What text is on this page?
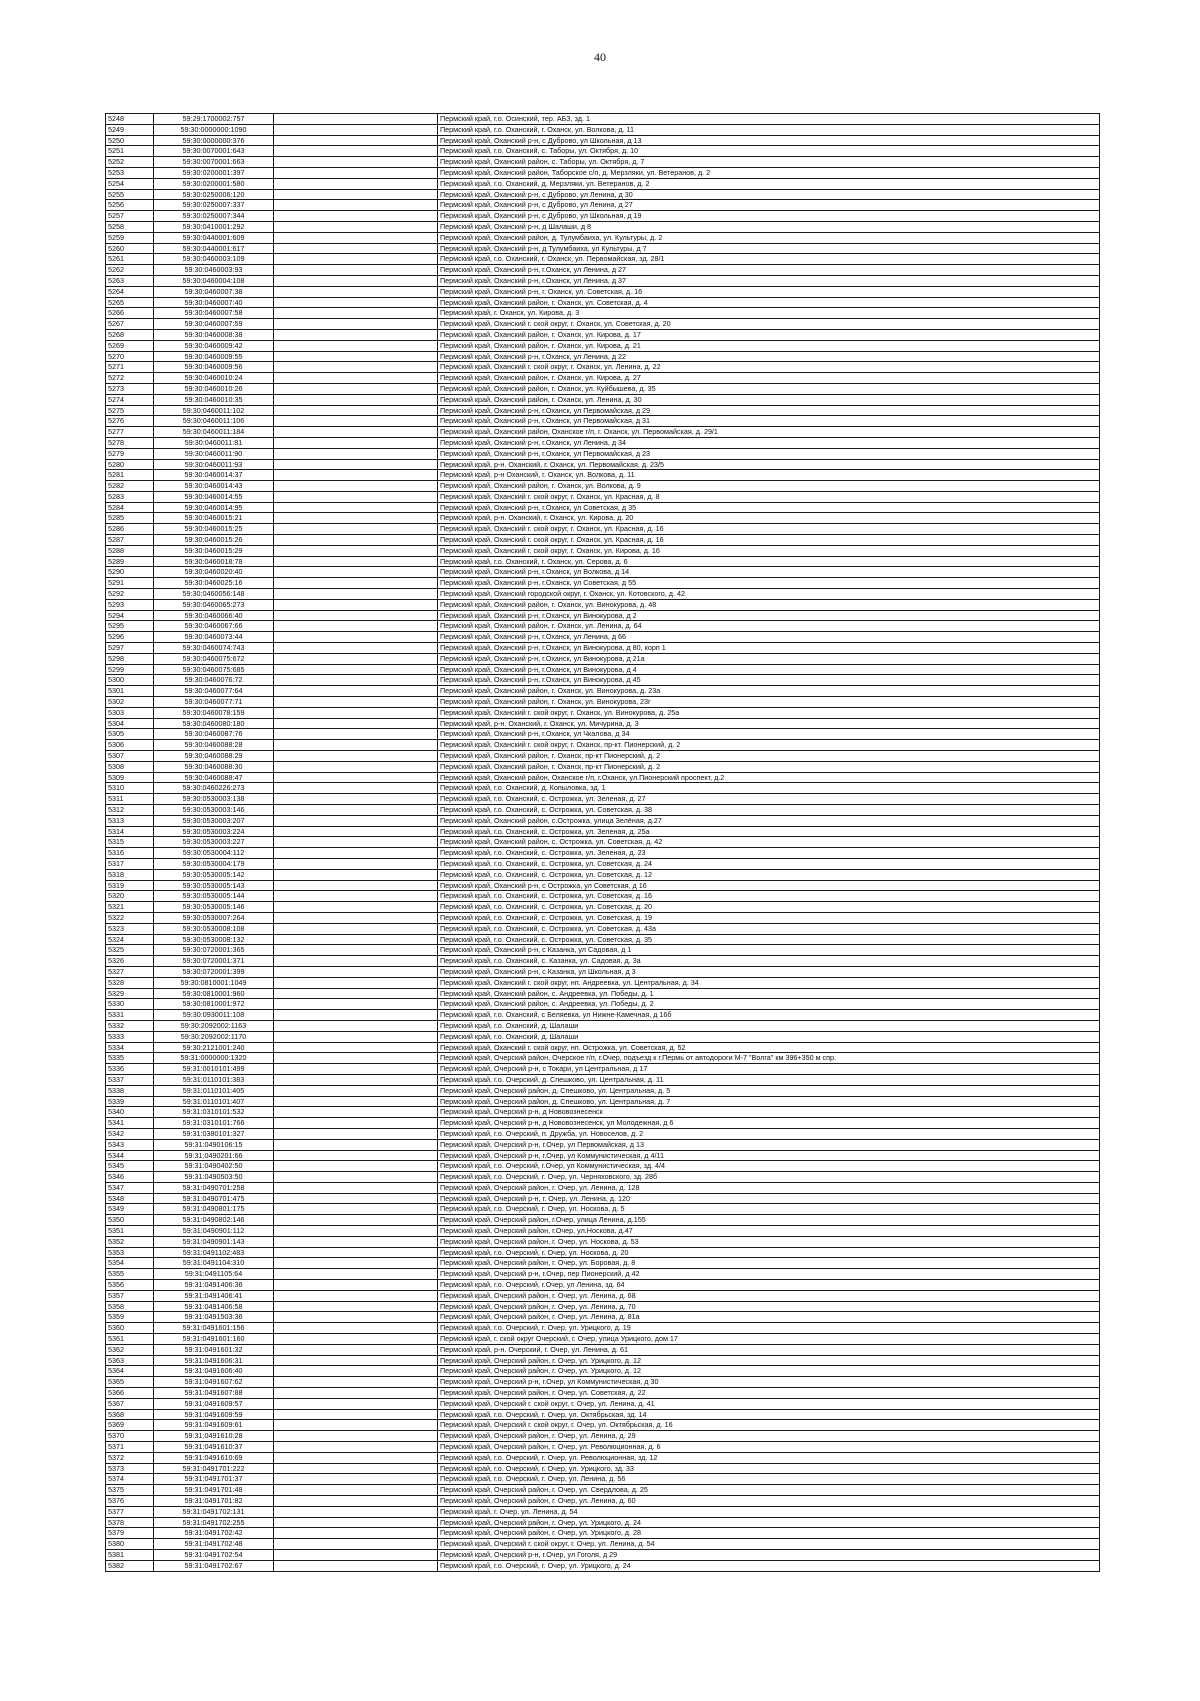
40
5248	59:29:1700002:757		Пермский край, г.о. Осинский, тер. АБЗ, зд. 1
5249	59:30:0000000:1090		Пермский край, г.о. Оханский, г. Оханск, ул. Волкова, д. 11
5250	59:30:0000000:376		Пермский край, Оханский р-н, с Дуброво, ул Школьная, д 13
5251	59:30:0070001:643		Пермский край, г.о. Оханский, с. Таборы, ул. Октября, д. 10
5252	59:30:0070001:663		Пермский край, Оханский район, с. Таборы, ул. Октября, д. 7
5253	59:30:0200001:397		Пермский край, Оханский район, Таборское с/п, д. Мерзляки, ул. Ветеранов, д. 2
5254	59:30:0200001:580		Пермский край, г.о. Оханский, д. Мерзляки, ул. Ветеранов, д. 2
5255	59:30:0250006:120		Пермский край, Оханский р-н, с Дуброво, ул Ленина, д 30
5256	59:30:0250007:337		Пермский край, Оханский р-н, с Дуброво, ул Ленина, д 27
5257	59:30:0250007:344		Пермский край, Оханский р-н, с Дуброво, ул Школьная, д 19
5258	59:30:0410001:292		Пермский край, Оханский р-н, д Шалаши, д 8
5259	59:30:0440001:609		Пермский край, Оханский район, д. Тулумбаиха, ул. Культуры, д. 2
5260	59:30:0440001:617		Пермский край, Оханский р-н, д Тулумбаиха, ул Культуры, д 7
5261	59:30:0460003:109		Пермский край, г.о. Оханский, г. Оханск, ул. Первомайская, зд. 28/1
5262	59:30:0460003:93		Пермский край, Оханский р-н, г.Оханск, ул Ленина, д 27
5263	59:30:0460004:108		Пермский край, Оханский р-н, г.Оханск, ул Ленина, д 37
5264	59:30:0460007:38		Пермский край, Оханский р-н, г. Оханск, ул. Советская, д. 16
5265	59:30:0460007:40		Пермский край, Оханский район, г. Оханск, ул. Советская, д. 4
5266	59:30:0460007:58		Пермский край, г. Оханск, ул. Кирова, д. 3
5267	59:30:0460007:59		Пермский край, Оханский г. ской округ, г. Оханск, ул. Советская, д. 20
5268	59:30:0460008:38		Пермский край, Оханский район, г. Оханск, ул. Кирова, д. 17
5269	59:30:0460009:42		Пермский край, Оханский район, г. Оханск, ул. Кирова, д. 21
5270	59:30:0460009:55		Пермский край, Оханский р-н, г.Оханск, ул Ленина, д 22
5271	59:30:0460009:56		Пермский край, Оханский г. ской округ, г. Оханск, ул. Ленина, д. 22
5272	59:30:0460010:24		Пермский край, Оханский район, г. Оханск, ул. Кирова, д. 27
5273	59:30:0460010:26		Пермский край, Оханский район, г. Оханск, ул. Куйбышева, д. 35
5274	59:30:0460010:35		Пермский край, Оханский район, г. Оханск, ул. Ленина, д. 30
5275	59:30:0460011:102		Пермский край, Оханский р-н, г.Оханск, ул Первомайская, д 29
5276	59:30:0460011:106		Пермский край, Оханский р-н, г.Оханск, ул Первомайская, д 31
5277	59:30:0460011:184		Пермский край, Оханский район, Оханское г/п, г. Оханск, ул. Первомайская, д. 29/1
5278	59:30:0460011:81		Пермский край, Оханский р-н, г.Оханск, ул Ленина, д 34
5279	59:30:0460011:90		Пермский край, Оханский р-н, г.Оханск, ул Первомайская, д 23
5280	59:30:0460011:93		Пермский край, р-н. Оханский, г. Оханск, ул. Первомайская, д. 23/5
5281	59:30:0460014:37		Пермский край, р-н Оханский, г. Оханск, ул. Волкова, д. 11
5282	59:30:0460014:43		Пермский край, Оханский район, г. Оханск, ул. Волкова, д. 9
5283	59:30:0460014:55		Пермский край, Оханский г. ской округ, г. Оханск, ул. Красная, д. 8
5284	59:30:0460014:95		Пермский край, Оханский р-н, г.Оханск, ул Советская, д 35
5285	59:30:0460015:21		Пермский край, р-н. Оханский, г. Оханск, ул. Кирова, д. 20
5286	59:30:0460015:25		Пермский край, Оханский г. ской округ, г. Оханск, ул. Красная, д. 16
5287	59:30:0460015:26		Пермский край, Оханский г. ской округ, г. Оханск, ул. Красная, д. 16
5288	59:30:0460015:29		Пермский край, Оханский г. ской округ, г. Оханск, ул. Кирова, д. 16
5289	59:30:0460018:78		Пермский край, г.о. Оханский, г. Оханск, ул. Серова, д. 6
5290	59:30:0460020:40		Пермский край, Оханский р-н, г.Оханск, ул Волкова, д 14
5291	59:30:0460025:16		Пермский край, Оханский р-н, г.Оханск, ул Советская, д 55
5292	59:30:0460056:148		Пермский край, Оханский городской округ, г. Оханск, ул. Котовского, д. 42
5293	59:30:0460065:273		Пермский край, Оханский район, г. Оханск, ул. Винокурова, д. 48
5294	59:30:0460066:40		Пермский край, Оханский р-н, г.Оханск, ул Винокурова, д 2
5295	59:30:0460067:66		Пермский край, Оханский район, г. Оханск, ул. Ленина, д. 64
5296	59:30:0460073:44		Пермский край, Оханский р-н, г.Оханск, ул Ленина, д 66
5297	59:30:0460074:743		Пермский край, Оханский р-н, г.Оханск, ул Винокурова, д 80, корп 1
5298	59:30:0460075:672		Пермский край, Оханский р-н, г.Оханск, ул Винокурова, д 21а
5299	59:30:0460075:685		Пермский край, Оханский р-н, г.Оханск, ул Винокурова, д 4
5300	59:30:0460076:72		Пермский край, Оханский р-н, г.Оханск, ул Винокурова, д 45
5301	59:30:0460077:64		Пермский край, Оханский район, г. Оханск, ул. Винокурова, д. 23а
5302	59:30:0460077:71		Пермский край, Оханский район, г. Оханск, ул. Винокурова, 23г
5303	59:30:0460078:159		Пермский край, Оханский г. ской округ, г. Оханск, ул. Винокурова, д. 25а
5304	59:30:0460080:180		Пермский край, р-н. Оханский, г. Оханск, ул. Мичурина, д. 3
5305	59:30:0460087:76		Пермский край, Оханский р-н, г.Оханск, ул Чкалова, д 34
5306	59:30:0460088:28		Пермский край, Оханский г. ской округ, г. Оханск, пр-кт. Пионерский, д. 2
5307	59:30:0460088:29		Пермский край, Оханский район, г. Оханск, пр-кт Пионерский, д. 2
5308	59:30:0460088:30		Пермский край, Оханский район, г. Оханск, пр-кт Пионерский, д. 2
5309	59:30:0460088:47		Пермский край, Оханский район, Оханское г/п, г.Оханск, ул.Пионерский проспект, д.2
5310	59:30:0460226:273		Пермский край, г.о. Оханский, д. Копыловка, зд. 1
5311	59:30:0530003:138		Пермский край, г.о. Оханский, с. Острожка, ул. Зеленая, д. 27
5312	59:30:0530003:146		Пермский край, г.о. Оханский, с. Острожка, ул. Советская, д. 38
5313	59:30:0530003:207		Пермский край, Оханский район, с.Острожка, улица Зелёная, д.27
5314	59:30:0530003:224		Пермский край, г.о. Оханский, с. Острожка, ул. Зеленая, д. 25а
5315	59:30:0530003:227		Пермский край, Оханский район, с. Острожка, ул. Советская, д. 42
5316	59:30:0530004:112		Пермский край, г.о. Оханский, с. Острожка, ул. Зеленая, д. 23
5317	59:30:0530004:179		Пермский край, г.о. Оханский, с. Острожка, ул. Советская, д. 24
5318	59:30:0530005:142		Пермский край, г.о. Оханский, с. Острожка, ул. Советская, д. 12
5319	59:30:0530005:143		Пермский край, Оханский р-н, с Острожка, ул Советская, д 16
5320	59:30:0530005:144		Пермский край, г.о. Оханский, с. Острожка, ул. Советская, д. 16
5321	59:30:0530005:146		Пермский край, г.о. Оханский, с. Острожка, ул. Советская, д. 20
5322	59:30:0530007:264		Пермский край, г.о. Оханский, с. Острожка, ул. Советская, д. 19
5323	59:30:0530008:108		Пермский край, г.о. Оханский, с. Острожка, ул. Советская, д. 43а
5324	59:30:0530008:132		Пермский край, г.о. Оханский, с. Острожка, ул. Советская, д. 35
5325	59:30:0720001:365		Пермский край, Оханский р-н, с Казанка, ул Садовая, д 1
5326	59:30:0720001:371		Пермский край, г.о. Оханский, с. Казанка, ул. Садовая, д. 3а
5327	59:30:0720001:399		Пермский край, Оханский р-н, с Казанка, ул Школьная, д 3
5328	59:30:0810001:1049		Пермский край, Оханский г. ской округ, нп. Андреевка, ул. Центральная, д. 34
5329	59:30:0810001:960		Пермский край, Оханский район, с. Андреевка, ул. Победы, д. 1
5330	59:30:0810001:972		Пермский край, Оханский район, с. Андреевка, ул. Победы, д. 2
5331	59:30:0930011:108		Пермский край, г.о. Оханский, с Беляевка, ул Нижне-Камечная, д 16б
5332	59:30:2092002:1163		Пермский край, г.о. Оханский, д. Шалаши
5333	59:30:2092002:1170		Пермский край, г.о. Оханский, д. Шалаши
5334	59:30:2121001:240		Пермский край, Оханский г. ской округ, нп. Острожка, ул. Советская, д. 52
5335	59:31:0000000:1320		Пермский край, Очерский район, Очерское г/п, г.Очер, подъезд к г.Пермь от автодороги М-7 "Волга" км 396+350 м спр.
5336	59:31:0010101:499		Пермский край, Очерский р-н, с Токари, ул Центральная, д 17
5337	59:31:0110101:383		Пермский край, г.о. Очерский, д. Спешково, ул. Центральная, д. 11
5338	59:31:0110101:405		Пермский край, Очерский район, д. Спешково, ул. Центральная, д. 5
5339	59:31:0110101:407		Пермский край, Очерский район, д. Спешково, ул. Центральная, д. 7
5340	59:31:0310101:532		Пермский край, Очерский р-н, д Нововознесенск
5341	59:31:0310101:766		Пермский край, Очерский р-н, д Нововознесенск, ул Молодежная, д 6
5342	59:31:0380101:327		Пермский край, г.о. Очерский, п. Дружба, ул. Новоселов, д. 2
5343	59:31:0490106:15		Пермский край, Очерский р-н, г.Очер, ул Первомайская, д 13
5344	59:31:0490201:66		Пермский край, Очерский р-н, г.Очер, ул Коммунистическая, д 4/11
5345	59:31:0490402:50		Пермский край, г.о. Очерский, г.Очер, ул Коммунистическая, зд. 4/4
5346	59:31:0490503:50		Пермский край, г.о. Очерский, г. Очер, ул. Черняховского, зд. 28б
5347	59:31:0490701:258		Пермский край, Очерский район, г. Очер, ул. Ленина, д. 128
5348	59:31:0490701:475		Пермский край, Очерский р-н, г. Очер, ул. Ленина, д. 120
5349	59:31:0490801:175		Пермский край, г.о. Очерский, г. Очер, ул. Носкова, д. 5
5350	59:31:0490802:146		Пермский край, Очерский район, г.Очер, улица Ленина, д.155
5351	59:31:0490901:112		Пермский край, Очерский район, г.Очер, ул.Носкова, д.47
5352	59:31:0490901:143		Пермский край, Очерский район, г. Очер, ул. Носкова, д. 53
5353	59:31:0491102:483		Пермский край, г.о. Очерский, г. Очер, ул. Носкова, д. 20
5354	59:31:0491104:310		Пермский край, Очерский район, г. Очер, ул. Боровая, д. 8
5355	59:31:0491105:64		Пермский край, Очерский р-н, г.Очер, пер Пионерский, д 42
5356	59:31:0491406:36		Пермский край, г.о. Очерский, г.Очер, ул Ленина, зд. 64
5357	59:31:0491406:41		Пермский край, Очерский район, г. Очер, ул. Ленина, д. 68
5358	59:31:0491406:58		Пермский край, Очерский район, г. Очер, ул. Ленина, д. 70
5359	59:31:0491503:36		Пермский край, Очерский район, г. Очер, ул. Ленина, д. 81а
5360	59:31:0491601:156		Пермский край, г.о. Очерский, г. Очер, ул. Урицкого, д. 19
5361	59:31:0491601:160		Пермский край, г. ской округ Очерский, г. Очер, улица Урицкого, дом 17
5362	59:31:0491601:32		Пермский край, р-н. Очерский, г. Очер, ул. Ленина, д. 61
5363	59:31:0491606:31		Пермский край, Очерский район, г. Очер, ул. Урицкого, д. 12
5364	59:31:0491606:40		Пермский край, Очерский район, г. Очер, ул. Урицкого, д. 12
5365	59:31:0491607:62		Пермский край, Очерский р-н, г.Очер, ул Коммунистическая, д 30
5366	59:31:0491607:88		Пермский край, Очерский район, г. Очер, ул. Советская, д. 22
5367	59:31:0491609:57		Пермский край, Очерский г. ской округ, г. Очер, ул. Ленина, д. 41
5368	59:31:0491609:59		Пермский край, г.о. Очерский, г. Очер, ул. Октябрьская, зд. 14
5369	59:31:0491609:61		Пермский край, Очерский г. ской округ, г. Очер, ул. Октябрьская, д. 16
5370	59:31:0491610:28		Пермский край, Очерский район, г. Очер, ул. Ленина, д. 29
5371	59:31:0491610:37		Пермский край, Очерский район, г. Очер, ул. Революционная, д. 6
5372	59:31:0491610:69		Пермский край, г.о. Очерский, г. Очер, ул. Революционная, зд. 12
5373	59:31:0491701:222		Пермский край, г.о. Очерский, г. Очер, ул. Урицкого, зд. 33
5374	59:31:0491701:37		Пермский край, г.о. Очерский, г. Очер, ул. Ленина, д. 56
5375	59:31:0491701:48		Пермский край, Очерский район, г. Очер, ул. Свердлова, д. 25
5376	59:31:0491701:82		Пермский край, Очерский район, г. Очер, ул. Ленина, д. 60
5377	59:31:0491702:131		Пермский край, г. Очер, ул. Ленина, д. 54
5378	59:31:0491702:255		Пермский край, Очерский район, г. Очер, ул. Урицкого, д. 24
5379	59:31:0491702:42		Пермский край, Очерский район, г. Очер, ул. Урицкого, д. 28
5380	59:31:0491702:48		Пермский край, Очерский г. ской округ, г. Очер, ул. Ленина, д. 54
5381	59:31:0491702:54		Пермский край, Очерский р-н, г.Очер, ул Гоголя, д 29
5382	59:31:0491702:67		Пермский край, г.о. Очерский, г. Очер, ул. Урицкого, д. 24
